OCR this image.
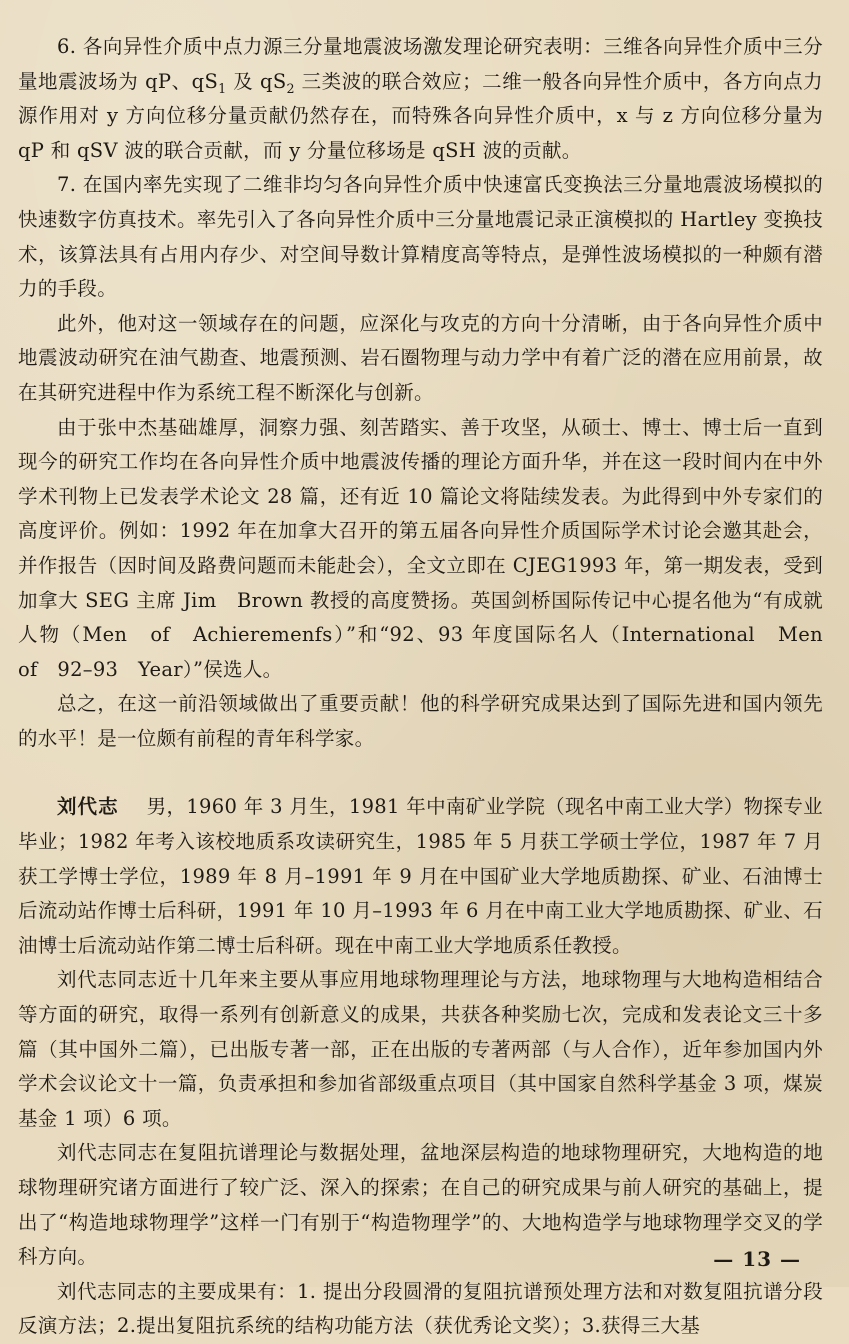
6. 各向异性介质中点力源三分量地震波场激发理论研究表明：三维各向异性介质中三分量地震波场为 qP、$qS_1$ 及 $qS_2$ 三类波的联合效应；二维一般各向异性介质中，各方向点力源作用对 y 方向位移分量贡献仍然存在，而特殊各向异性介质中，x 与 z 方向位移分量为 qP 和 qSV 波的联合贡献，而 y 分量位移场是 qSH 波的贡献。

7. 在国内率先实现了二维非均匀各向异性介质中快速富氏变换法三分量地震波场模拟的快速数字仿真技术。率先引入了各向异性介质中三分量地震记录正演模拟的 Hartley 变换技术，该算法具有占用内存少、对空间导数计算精度高等特点，是弹性波场模拟的一种颇有潜力的手段。

此外，他对这一领域存在的问题，应深化与攻克的方向十分清晰，由于各向异性介质中地震波动研究在油气勘查、地震预测、岩石圈物理与动力学中有着广泛的潜在应用前景，故在其研究进程中作为系统工程不断深化与创新。

由于张中杰基础雄厚，洞察力强、刻苦踏实、善于攻坚，从硕士、博士、博士后一直到现今的研究工作均在各向异性介质中地震波传播的理论方面升华，并在这一段时间内在中外学术刊物上已发表学术论文 28 篇，还有近 10 篇论文将陆续发表。为此得到中外专家们的高度评价。例如：1992 年在加拿大召开的第五届各向异性介质国际学术讨论会邀其赴会，并作报告（因时间及路费问题而未能赴会），全文立即在 CJEG1993 年，第一期发表，受到加拿大 SEG 主席 Jim　Brown 教授的高度赞扬。英国剑桥国际传记中心提名他为“有成就人物（Men　of　Achieremenfs）”和“92、93 年度国际名人（International　Men　of　92–93　Year）”侯选人。

总之，在这一前沿领域做出了重要贡献！他的科学研究成果达到了国际先进和国内领先的水平！是一位颇有前程的青年科学家。

刘代志 男，1960 年 3 月生，1981 年中南矿业学院（现名中南工业大学）物探专业毕业；1982 年考入该校地质系攻读研究生，1985 年 5 月获工学硕士学位，1987 年 7 月获工学博士学位，1989 年 8 月–1991 年 9 月在中国矿业大学地质勘探、矿业、石油博士后流动站作博士后科研，1991 年 10 月–1993 年 6 月在中南工业大学地质勘探、矿业、石油博士后流动站作第二博士后科研。现在中南工业大学地质系任教授。

刘代志同志近十几年来主要从事应用地球物理理论与方法，地球物理与大地构造相结合等方面的研究，取得一系列有创新意义的成果，共获各种奖励七次，完成和发表论文三十多篇（其中国外二篇），已出版专著一部，正在出版的专著两部（与人合作），近年参加国内外学术会议论文十一篇，负责承担和参加省部级重点项目（其中国家自然科学基金 3 项，煤炭基金 1 项）6 项。

刘代志同志在复阻抗谱理论与数据处理，盆地深层构造的地球物理研究，大地构造的地球物理研究诸方面进行了较广泛、深入的探索；在自己的研究成果与前人研究的基础上，提出了“构造地球物理学”这样一门有别于“构造物理学”的、大地构造学与地球物理学交叉的学科方向。

刘代志同志的主要成果有：1. 提出分段圆滑的复阻抗谱预处理方法和对数复阻抗谱分段反演方法；2.提出复阻抗系统的结构功能方法（获优秀论文奖）；3.获得三大基

— 13 —
